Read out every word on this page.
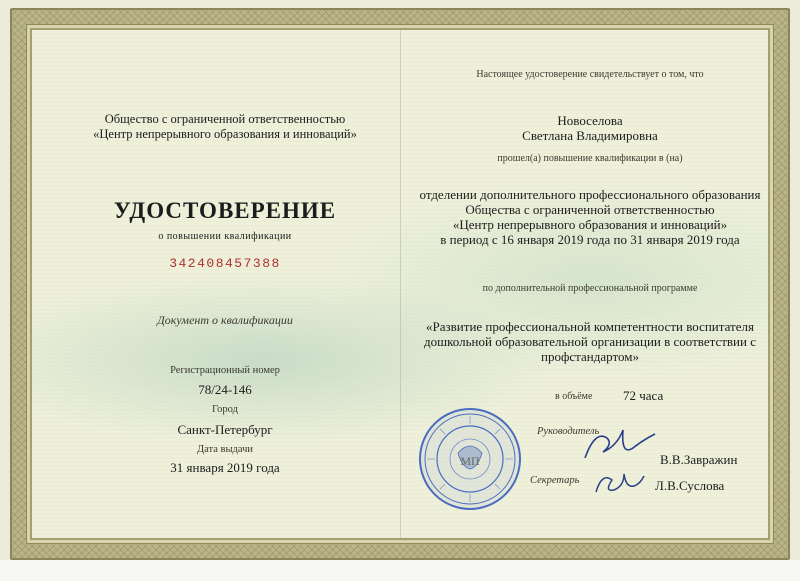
Общество с ограниченной ответственностью
«Центр непрерывного образования и инноваций»
УДОСТОВЕРЕНИЕ
о повышении квалификации
342408457388
Документ о квалификации
Регистрационный номер
78/24-146
Город
Санкт-Петербург
Дата выдачи
31 января 2019 года
Настоящее удостоверение свидетельствует о том, что
Новоселова
Светлана Владимировна
прошел(а) повышение квалификации в (на)
отделении дополнительного профессионального образования
Общества с ограниченной ответственностью
«Центр непрерывного образования и инноваций»
в период с 16 января 2019 года по 31 января 2019 года
по дополнительной профессиональной программе
«Развитие профессиональной компетентности воспитателя
дошкольной образовательной организации в соответствии с
профстандартом»
в объёме 72 часа
МП
Руководитель
В.В.Завражин
Секретарь	Л.В.Суслова
